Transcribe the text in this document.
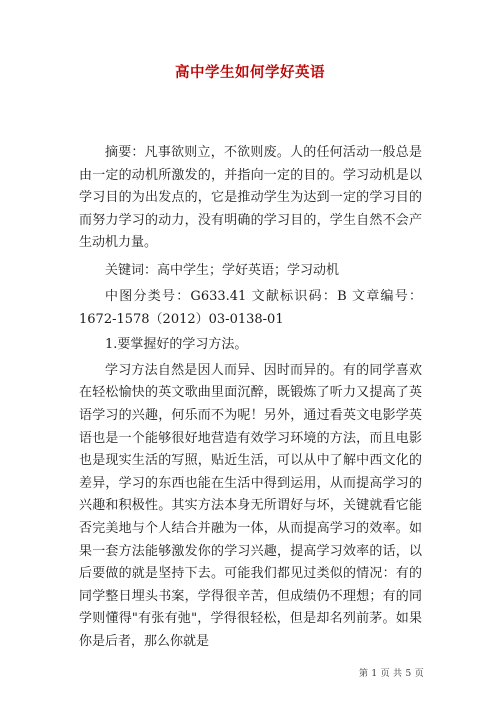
高中学生如何学好英语

摘要：凡事欲则立，不欲则废。人的任何活动一般总是由一定的动机所激发的，并指向一定的目的。学习动机是以学习目的为出发点的，它是推动学生为达到一定的学习目的而努力学习的动力，没有明确的学习目的，学生自然不会产生动机力量。

关键词：高中学生；学好英语；学习动机

中图分类号：G633.41 文献标识码：B 文章编号：1672-1578（2012）03-0138-01

1.要掌握好的学习方法。

学习方法自然是因人而异、因时而异的。有的同学喜欢在轻松愉快的英文歌曲里面沉醉，既锻炼了听力又提高了英语学习的兴趣，何乐而不为呢！另外，通过看英文电影学英语也是一个能够很好地营造有效学习环境的方法，而且电影也是现实生活的写照，贴近生活，可以从中了解中西文化的差异，学习的东西也能在生活中得到运用，从而提高学习的兴趣和积极性。其实方法本身无所谓好与坏，关键就看它能否完美地与个人结合并融为一体，从而提高学习的效率。如果一套方法能够激发你的学习兴趣，提高学习效率的话，以后要做的就是坚持下去。可能我们都见过类似的情况：有的同学整日埋头书案，学得很辛苦，但成绩仍不理想；有的同学则懂得"有张有弛"，学得很轻松，但是却名列前茅。如果你是后者，那么你就是

第 1 页 共 5 页
